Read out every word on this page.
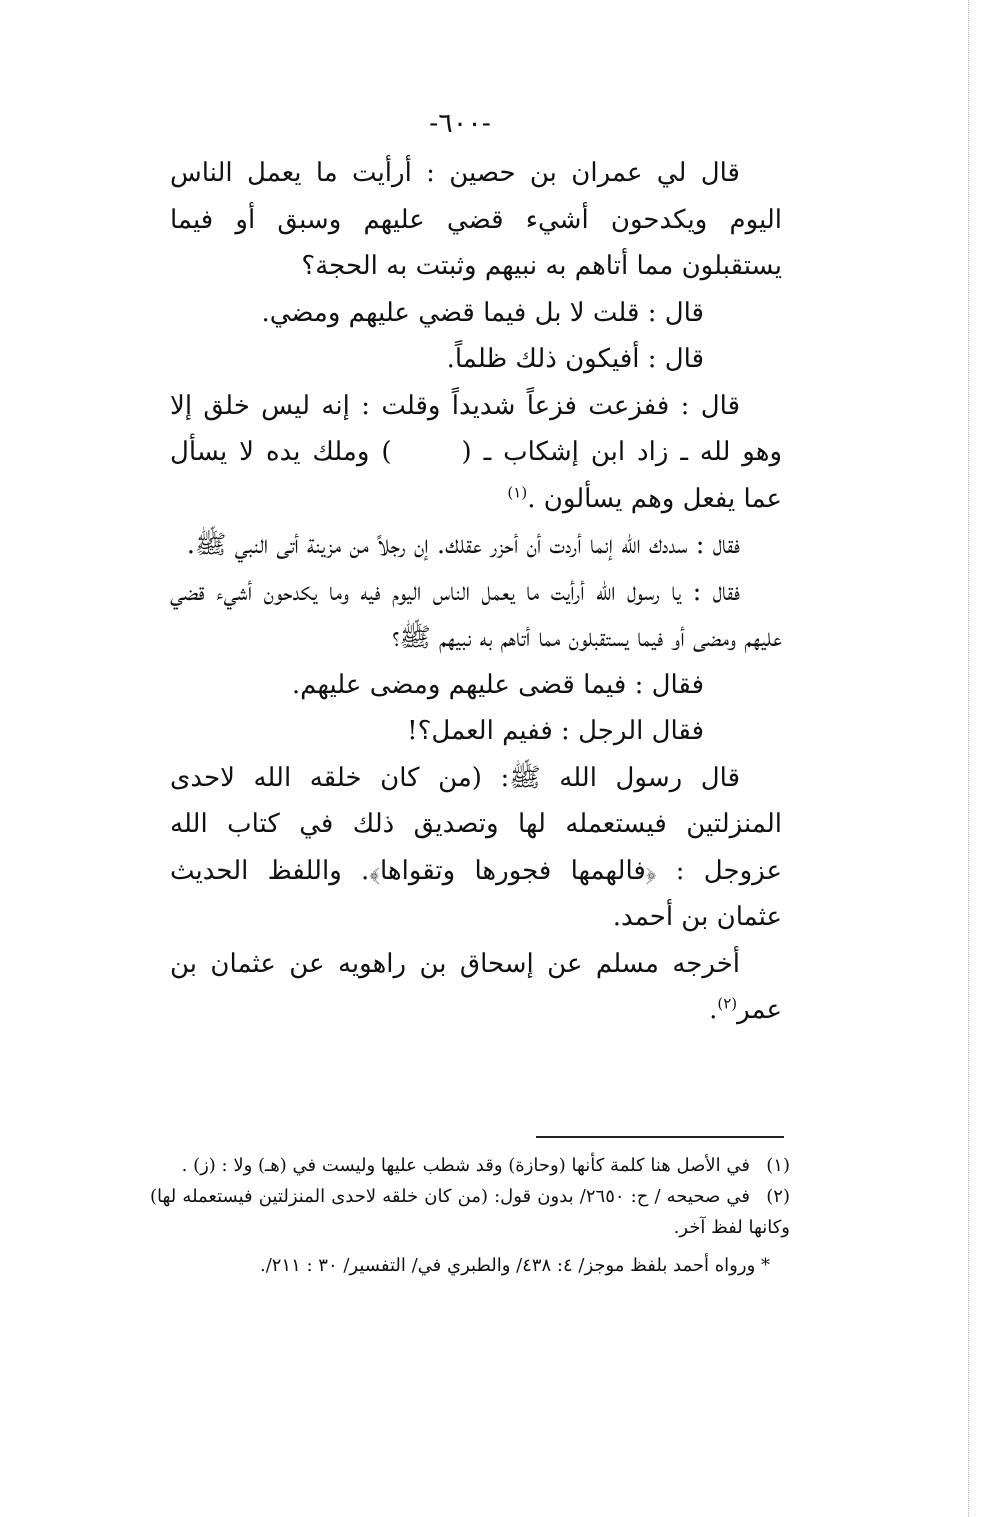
-٦٠٠-

قال لي عمران بن حصين : أرأيت ما يعمل الناس اليوم ويكدحون أشيء قضي عليهم وسبق أو فيما يستقبلون مما أتاهم به نبيهم وثبتت به الحجة؟

قال : قلت لا بل فيما قضي عليهم ومضي.

قال : أفيكون ذلك ظلماً.

قال : ففزعت فزعاً شديداً وقلت : إنه ليس خلق إلا وهو لله ـ زاد ابن إشكاب ـ () وملك يده لا يسأل عما يفعل وهم يسألون .$^{(١)}$

فقال : سددك الله إنما أردت أن أحزر عقلك. إن رجلاً من مزينة أتى النبي ﷺ.

فقال : يا رسول الله أرأيت ما يعمل الناس اليوم فيه وما يكدحون أشيء قضي عليهم ومضى أو فيما يستقبلون مما أتاهم به نبيهم ﷺ؟

فقال : فيما قضى عليهم ومضى عليهم.

فقال الرجل : ففيم العمل؟!

قال رسول الله ﷺ: (من كان خلقه الله لاحدى المنزلتين فيستعمله لها وتصديق ذلك في كتاب الله عزوجل : ﴿فالهمها فجورها وتقواها﴾. واللفظ الحديث عثمان بن أحمد.

أخرجه مسلم عن إسحاق بن راهويه عن عثمان بن عمر$^{(٢)}$.

(١)في الأصل هنا كلمة كأنها (وحازة) وقد شطب عليها وليست في (هـ) ولا : (ز) .

(٢)في صحيحه / ح: ٢٦٥٠/ بدون قول: (من كان خلقه لاحدى المنزلتين فيستعمله لها) وكانها لفظ آخر.

* ورواه أحمد بلفظ موجز/ ٤: ٤٣٨/ والطبري في/ التفسير/ ٣٠ : ٢١١/.
